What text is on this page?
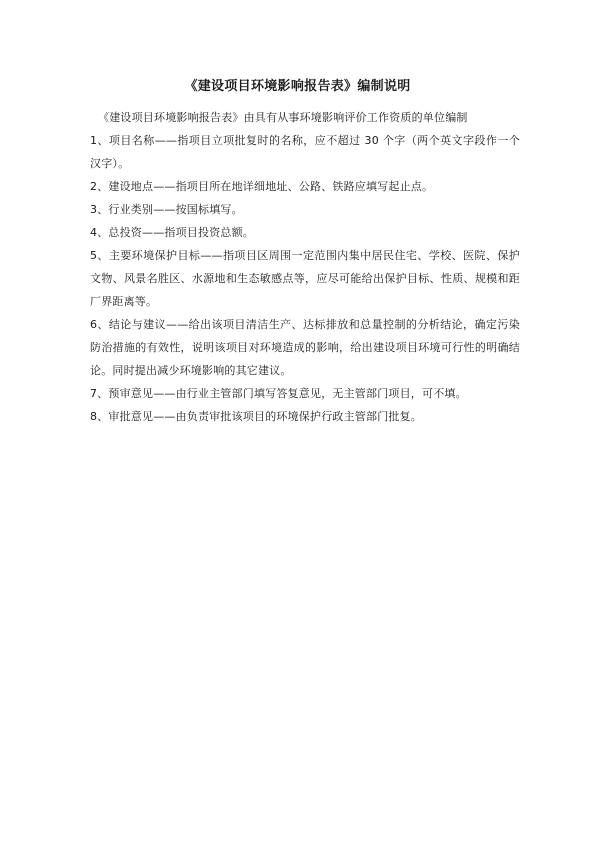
《建设项目环境影响报告表》编制说明

《建设项目环境影响报告表》由具有从事环境影响评价工作资质的单位编制

1、项目名称——指项目立项批复时的名称，应不超过 30 个字（两个英文字段作一个汉字）。

2、建设地点——指项目所在地详细地址、公路、铁路应填写起止点。

3、行业类别——按国标填写。

4、总投资——指项目投资总额。

5、主要环境保护目标——指项目区周围一定范围内集中居民住宅、学校、医院、保护文物、风景名胜区、水源地和生态敏感点等，应尽可能给出保护目标、性质、规模和距厂界距离等。

6、结论与建议——给出该项目清洁生产、达标排放和总量控制的分析结论，确定污染防治措施的有效性，说明该项目对环境造成的影响，给出建设项目环境可行性的明确结论。同时提出减少环境影响的其它建议。

7、预审意见——由行业主管部门填写答复意见，无主管部门项目，可不填。

8、审批意见——由负责审批该项目的环境保护行政主管部门批复。
